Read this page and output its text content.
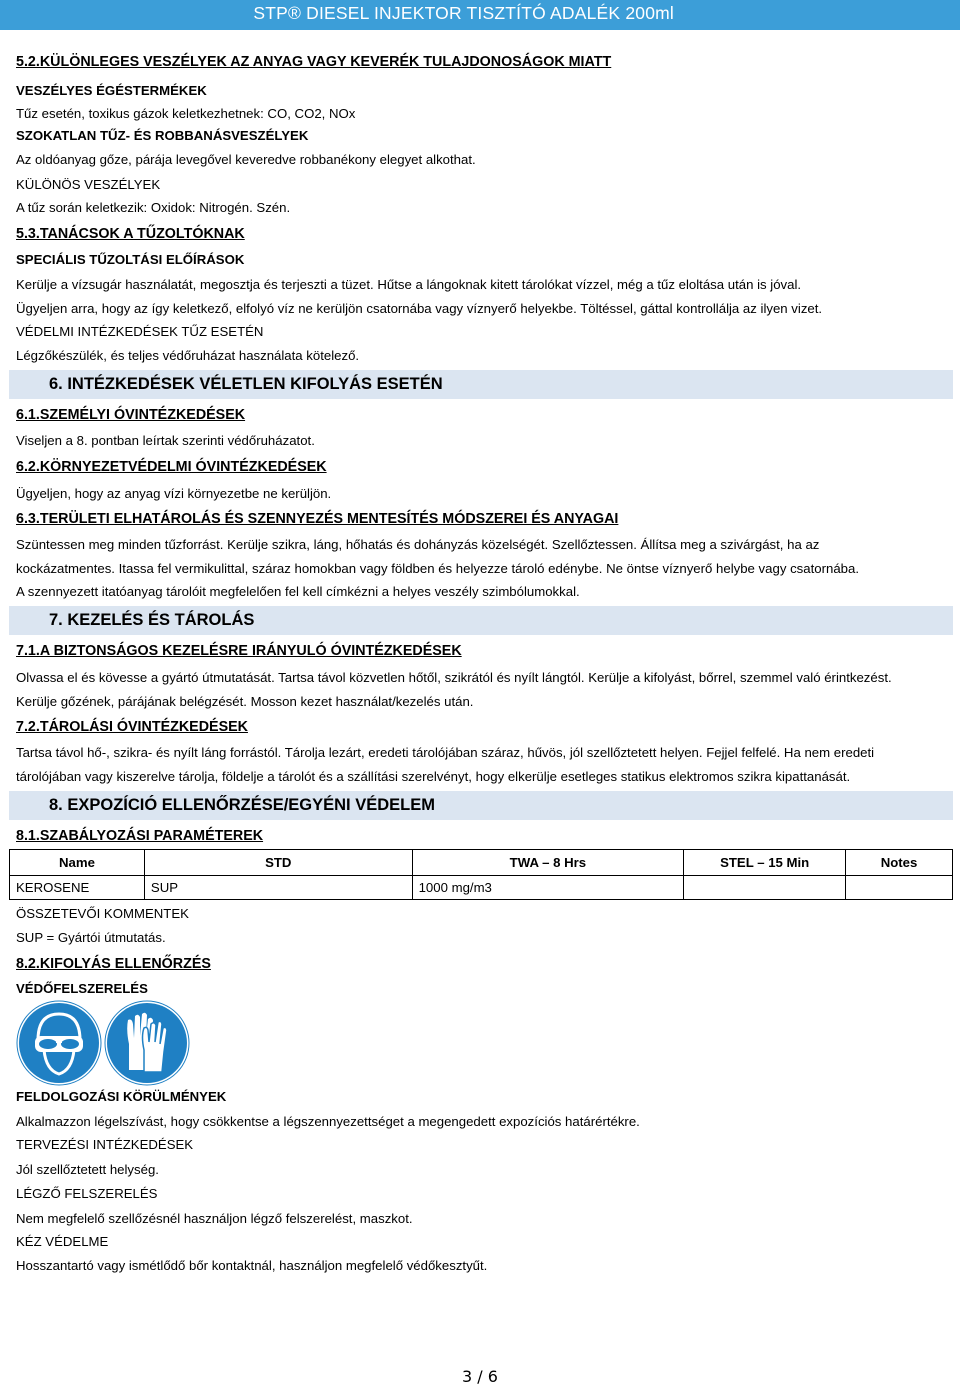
STP® DIESEL INJEKTOR TISZTÍTÓ ADALÉK 200ml
5.2.KÜLÖNLEGES VESZÉLYEK AZ ANYAG VAGY KEVERÉK TULAJDONOSÁGOK MIATT
VESZÉLYES ÉGÉSTERMÉKEK
Tűz esetén, toxikus gázok keletkezhetnek: CO, CO2, NOx
SZOKATLAN TŰZ- ÉS ROBBANÁSVESZÉLYEK
Az oldóanyag gőze, párája levegővel keveredve robbanékony elegyet alkothat.
KÜLÖNÖS VESZÉLYEK
A tűz során keletkezik: Oxidok: Nitrogén. Szén.
5.3.TANÁCSOK A TŰZOLTÓKNAK
SPECIÁLIS TŰZOLTÁSI ELŐÍRÁSOK
Kerülje a vízsugár használatát, megosztja és terjeszti a tüzet. Hűtse a lángoknak kitett tárolókat vízzel, még a tűz eloltása után is jóval.
Ügyeljen arra, hogy az így keletkező, elfolyó víz ne kerüljön csatornába vagy víznyerő helyekbe. Töltéssel, gáttal kontrollálja az ilyen vizet.
VÉDELMI INTÉZKEDÉSEK TŰZ ESETÉN
Légzőkészülék, és teljes védőruházat használata kötelező.
6. INTÉZKEDÉSEK VÉLETLEN KIFOLYÁS ESETÉN
6.1.SZEMÉLYI ÓVINTÉZKEDÉSEK
Viseljen a 8. pontban leírtak szerinti védőruházatot.
6.2.KÖRNYEZETVÉDELMI ÓVINTÉZKEDÉSEK
Ügyeljen, hogy az anyag vízi környezetbe ne kerüljön.
6.3.TERÜLETI ELHATÁROLÁS ÉS SZENNYEZÉS MENTESÍTÉS MÓDSZEREI ÉS ANYAGAI
Szüntessen meg minden tűzforrást. Kerülje szikra, láng, hőhatás és dohányzás közelségét. Szellőztessen. Állítsa meg a szivárgást, ha az
kockázatmentes. Itassa fel vermikulittal, száraz homokban vagy földben és helyezze tároló edénybe. Ne öntse víznyerő helybe vagy csatornába.
A szennyezett itatóanyag tárolóit megfelelően fel kell címkézni a helyes veszély szimbólumokkal.
7. KEZELÉS ÉS TÁROLÁS
7.1.A BIZTONSÁGOS KEZELÉSRE IRÁNYULÓ ÓVINTÉZKEDÉSEK
Olvassa el és kövesse a gyártó útmutatását. Tartsa távol közvetlen hőtől, szikrától és nyílt lángtól. Kerülje a kifolyást, bőrrel, szemmel való érintkezést.
Kerülje gőzének, párájának belégzését. Mosson kezet használat/kezelés után.
7.2.TÁROLÁSI ÓVINTÉZKEDÉSEK
Tartsa távol hő-, szikra- és nyílt láng forrástól. Tárolja lezárt, eredeti tárolójában száraz, hűvös, jól szellőztetett helyen. Fejjel felfelé. Ha nem eredeti
tárolójában vagy kiszerelve tárolja, földelje a tárolót és a szállítási szerelvényt, hogy elkerülje esetleges statikus elektromos szikra kipattanását.
8. EXPOZÍCIÓ ELLENŐRZÉSE/EGYÉNI VÉDELEM
8.1.SZABÁLYOZÁSI PARAMÉTEREK
Name	STD	TWA – 8 Hrs	STEL – 15 Min	Notes
KEROSENE	SUP	1000 mg/m3		
ÖSSZETEVŐI KOMMENTEK
SUP = Gyártói útmutatás.
8.2.KIFOLYÁS ELLENŐRZÉS
VÉDŐFELSZERELÉS
FELDOLGOZÁSI KÖRÜLMÉNYEK
Alkalmazzon légelszívást, hogy csökkentse a légszennyezettséget a megengedett expozíciós határértékre.
TERVEZÉSI INTÉZKEDÉSEK
Jól szellőztetett helység.
LÉGZŐ FELSZERELÉS
Nem megfelelő szellőzésnél használjon légző felszerelést, maszkot.
KÉZ VÉDELME
Hosszantartó vagy ismétlődő bőr kontaktnál, használjon megfelelő védőkesztyűt.
3 / 6
